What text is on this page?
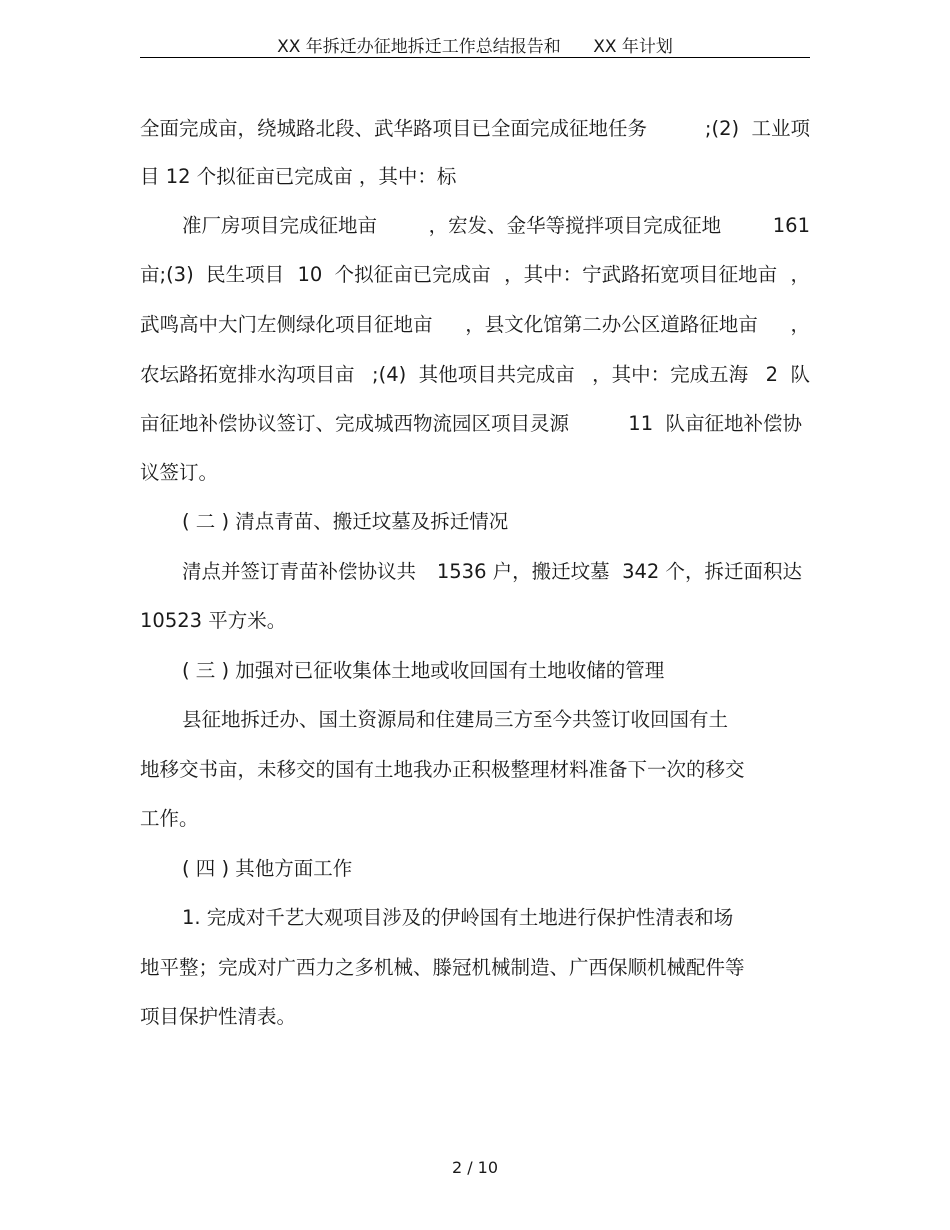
XX 年拆迁办征地拆迁工作总结报告和      XX 年计划
全面完成亩，绕城路北段、武华路项目已全面完成征地任务	;(2)  工业项
目 12 个拟征亩已完成亩 ，其中：标
准厂房项目完成征地亩	，宏发、金华等搅拌项目完成征地	161
亩;(3)  民生项目 10  个拟征亩已完成亩 ，其中：宁武路拓宽项目征地亩 ，
武鸣高中大门左侧绿化项目征地亩 ，县文化馆第二办公区道路征地亩 ，
农坛路拓宽排水沟项目亩 ;(4)  其他项目共完成亩 ，其中：完成五海 2  队
亩征地补偿协议签订、完成城西物流园区项目灵源	11  队亩征地补偿协
议签订。
( 二 ) 清点青苗、搬迁坟墓及拆迁情况
清点并签订青苗补偿协议共 1536 户，搬迁坟墓  342 个，拆迁面积达
10523 平方米。
( 三 ) 加强对已征收集体土地或收回国有土地收储的管理
县征地拆迁办、国土资源局和住建局三方至今共签订收回国有土
地移交书亩，未移交的国有土地我办正积极整理材料准备下一次的移交
工作。
( 四 ) 其他方面工作
1. 完成对千艺大观项目涉及的伊岭国有土地进行保护性清表和场
地平整；完成对广西力之多机械、滕冠机械制造、广西保顺机械配件等
项目保护性清表。
2 / 10
